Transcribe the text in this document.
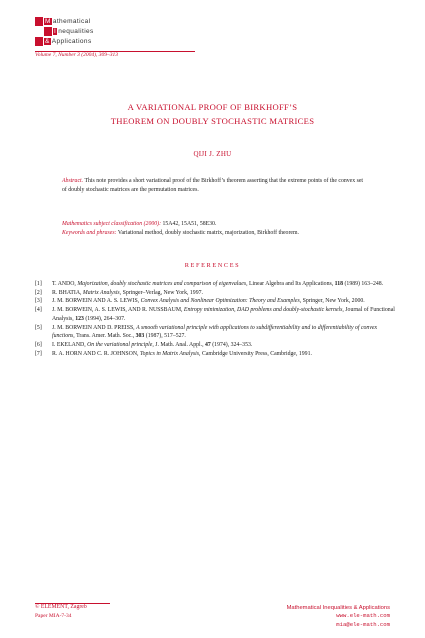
M athematical
I nequalities
& Applications
Volume 7, Number 3 (2004), 309–313
A VARIATIONAL PROOF OF BIRKHOFF’S
THEOREM ON DOUBLY STOCHASTIC MATRICES
QIJI J. ZHU
Abstract. This note provides a short variational proof of the Birkhoff’s theorem asserting that the extreme points of the convex set of doubly stochastic matrices are the permutation matrices.
Mathematics subject classification (2000): 15A42, 15A51, 58E30.
Keywords and phrases: Variational method, doubly stochastic matrix, majorization, Birkhoff theorem.
REFERENCES
[1] T. ANDO, Majorization, doubly stochastic matrices and comparison of eigenvalues, Linear Algebra and Its Applications, 118 (1989) 163–248.
[2] R. BHATIA, Matrix Analysis, Springer–Verlag, New York, 1997.
[3] J. M. BORWEIN AND A. S. LEWIS, Convex Analysis and Nonlinear Optimization: Theory and Examples, Springer, New York, 2000.
[4] J. M. BORWEIN, A. S. LEWIS, AND R. NUSSBAUM, Entropy minimization, DAD problems and doubly-stochastic kernels, Journal of Functional Analysis, 123 (1994), 264–307.
[5] J. M. BORWEIN AND D. PREISS, A smooth variational principle with applications to subdifferentiability and to differentiability of convex functions, Trans. Amer. Math. Soc., 303 (1987), 517–527.
[6] I. EKELAND, On the variational principle, J. Math. Anal. Appl., 47 (1974), 324–353.
[7] R. A. HORN AND C. R. JOHNSON, Topics in Matrix Analysis, Cambridge University Press, Cambridge, 1991.
© ELEMENT, Zagreb
Paper MIA-7-34
Mathematical Inequalities & Applications
www.ele-math.com
mia@ele-math.com
